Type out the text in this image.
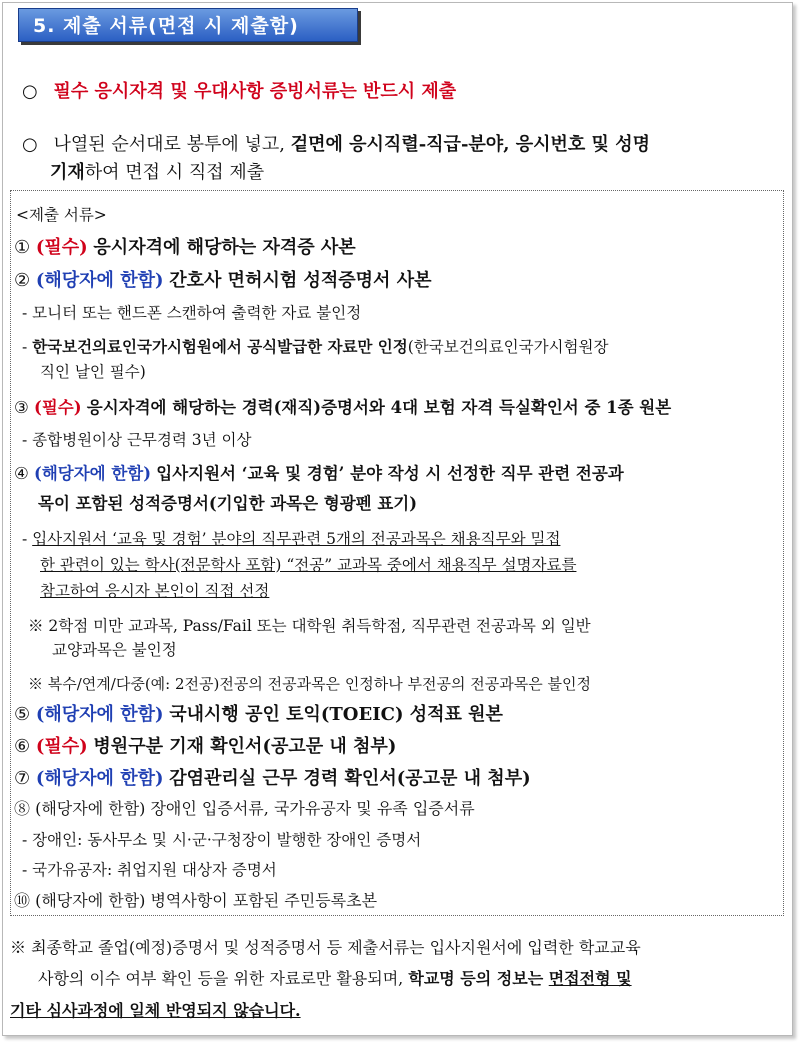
5. 제출 서류(면접 시 제출함)
○ 필수 응시자격 및 우대사항 증빙서류는 반드시 제출
○ 나열된 순서대로 봉투에 넣고, 겉면에 응시직렬-직급-분야, 응시번호 및 성명
기재하여 면접 시 직접 제출
<제출 서류>
① (필수) 응시자격에 해당하는 자격증 사본
② (해당자에 한함) 간호사 면허시험 성적증명서 사본
- 모니터 또는 핸드폰 스캔하여 출력한 자료 불인정
- 한국보건의료인국가시험원에서 공식발급한 자료만 인정(한국보건의료인국가시험원장
직인 날인 필수)
③ (필수) 응시자격에 해당하는 경력(재직)증명서와 4대 보험 자격 득실확인서 중 1종 원본
- 종합병원이상 근무경력 3년 이상
④ (해당자에 한함) 입사지원서 ‘교육 및 경험’ 분야 작성 시 선정한 직무 관련 전공과
목이 포함된 성적증명서(기입한 과목은 형광펜 표기)
- 입사지원서 ‘교육 및 경험’ 분야의 직무관련 5개의 전공과목은 채용직무와 밀접
한 관련이 있는 학사(전문학사 포함) “전공” 교과목 중에서 채용직무 설명자료를
참고하여 응시자 본인이 직접 선정
※ 2학점 미만 교과목, Pass/Fail 또는 대학원 취득학점, 직무관련 전공과목 외 일반
교양과목은 불인정
※ 복수/연계/다중(예: 2전공)전공의 전공과목은 인정하나 부전공의 전공과목은 불인정
⑤ (해당자에 한함) 국내시행 공인 토익(TOEIC) 성적표 원본
⑥ (필수) 병원구분 기재 확인서(공고문 내 첨부)
⑦ (해당자에 한함) 감염관리실 근무 경력 확인서(공고문 내 첨부)
⑧ (해당자에 한함) 장애인 입증서류, 국가유공자 및 유족 입증서류
- 장애인: 동사무소 및 시·군·구청장이 발행한 장애인 증명서
- 국가유공자: 취업지원 대상자 증명서
⑩ (해당자에 한함) 병역사항이 포함된 주민등록초본
※ 최종학교 졸업(예정)증명서 및 성적증명서 등 제출서류는 입사지원서에 입력한 학교교육
사항의 이수 여부 확인 등을 위한 자료로만 활용되며, 학교명 등의 정보는 면접전형 및
기타 심사과정에 일체 반영되지 않습니다.
